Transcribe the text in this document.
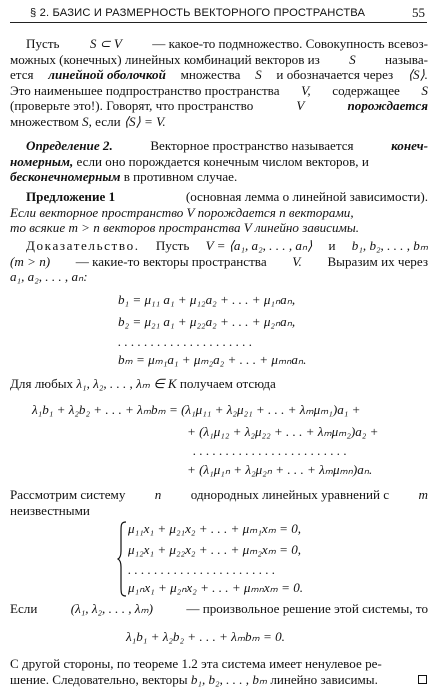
§ 2. БАЗИС И РАЗМЕРНОСТЬ ВЕКТОРНОГО ПРОСТРАНСТВА	55
Пусть S ⊂ V — какое-то подмножество. Совокупность всевоз-
можных (конечных) линейных комбинаций векторов из S называ-
ется линейной оболочкой множества S и обозначается через ⟨S⟩.
Это наименьшее подпространство пространства V, содержащее S
(проверьте это!). Говорят, что пространство	V	порождается
множеством S, если ⟨S⟩ = V.
Определение 2.	Векторное пространство называется	конеч-
номерным, если оно порождается конечным числом векторов, и
бесконечномерным в противном случае.
Предложение 1	(основная лемма о линейной зависимости).
Если векторное пространство V порождается n векторами,
то всякие m > n векторов пространства V линейно зависимы.
Доказательство. Пусть V = ⟨a₁, a₂, . . . , aₙ⟩ и b₁, b₂, . . . , bₘ
(m > n) — какие-то векторы пространства V. Выразим их через
a₁, a₂, . . . , aₙ:
b₁ = μ₁₁ a₁ + μ₁₂a₂ + . . . + μ₁ₙaₙ,
b₂ = μ₂₁ a₁ + μ₂₂a₂ + . . . + μ₂ₙaₙ,
. . . . . . . . . . . . . . . . . . . . .
bₘ = μₘ₁a₁ + μₘ₂a₂ + . . . + μₘₙaₙ.
Для любых λ₁, λ₂, . . . , λₘ ∈ K получаем отсюда
λ₁b₁ + λ₂b₂ + . . . + λₘbₘ = (λ₁μ₁₁ + λ₂μ₂₁ + . . . + λₘμₘ₁)a₁ +
+ (λ₁μ₁₂ + λ₂μ₂₂ + . . . + λₘμₘ₂)a₂ +
. . . . . . . . . . . . . . . . . . . . . . . .
+ (λ₁μ₁ₙ + λ₂μ₂ₙ + . . . + λₘμₘₙ)aₙ.
Рассмотрим систему n однородных линейных уравнений с m
неизвестными
μ₁₁x₁ + μ₂₁x₂ + . . . + μₘ₁xₘ = 0,
μ₁₂x₁ + μ₂₂x₂ + . . . + μₘ₂xₘ = 0,
. . . . . . . . . . . . . . . . . . . . . . .
μ₁ₙx₁ + μ₂ₙx₂ + . . . + μₘₙxₘ = 0.
Если	(λ₁, λ₂, . . . , λₘ)	— произвольное решение этой системы, то
λ₁b₁ + λ₂b₂ + . . . + λₘbₘ = 0.
С другой стороны, по теореме 1.2 эта система имеет ненулевое ре-
шение. Следовательно, векторы b₁, b₂, . . . , bₘ линейно зависимы.
